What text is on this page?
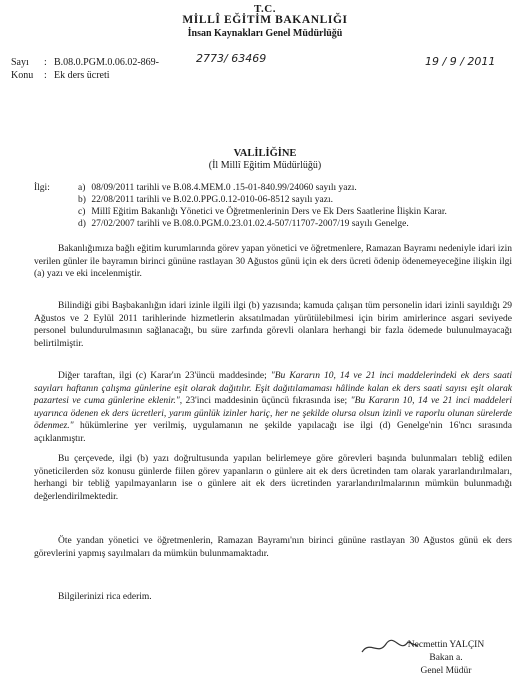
T.C.
MİLLÎ EĞİTİM BAKANLIĞI
İnsan Kaynakları Genel Müdürlüğü
Sayı : B.08.0.PGM.0.06.02-869-	2773/ 63469	19 / 9 / 2011
Konu : Ek ders ücreti
VALİLİĞİNE
(İl Millî Eğitim Müdürlüğü)
İlgi:	a) 08/09/2011 tarihli ve B.08.4.MEM.0 .15-01-840.99/24060 sayılı yazı.
b) 22/08/2011 tarihli ve B.02.0.PPG.0.12-010-06-8512 sayılı yazı.
c) Millî Eğitim Bakanlığı Yönetici ve Öğretmenlerinin Ders ve Ek Ders Saatlerine İlişkin Karar.
d) 27/02/2007 tarihli ve B.08.0.PGM.0.23.01.02.4-507/11707-2007/19 sayılı Genelge.

Bakanlığımıza bağlı eğitim kurumlarında görev yapan yönetici ve öğretmenlere, Ramazan Bayramı nedeniyle idari izin verilen günler ile bayramın birinci gününe rastlayan 30 Ağustos günü için ek ders ücreti ödenip ödenemeyeceğine ilişkin ilgi (a) yazı ve eki incelenmiştir.

Bilindiği gibi Başbakanlığın idari izinle ilgili ilgi (b) yazısında; kamuda çalışan tüm personelin idari izinli sayıldığı 29 Ağustos ve 2 Eylül 2011 tarihlerinde hizmetlerin aksatılmadan yürütülebilmesi için birim amirlerince asgari seviyede personel bulundurulmasının sağlanacağı, bu süre zarfında görevli olanlara herhangi bir fazla ödemede bulunulmayacağı belirtilmiştir.

Diğer taraftan, ilgi (c) Karar'ın 23'üncü maddesinde; "Bu Kararın 10, 14 ve 21 inci maddelerindeki ek ders saati sayıları haftanın çalışma günlerine eşit olarak dağıtılır. Eşit dağıtılamaması hâlinde kalan ek ders saati sayısı eşit olarak pazartesi ve cuma günlerine eklenir.", 23'inci maddesinin üçüncü fıkrasında ise; "Bu Kararın 10, 14 ve 21 inci maddeleri uyarınca ödenen ek ders ücretleri, yarım günlük izinler hariç, her ne şekilde olursa olsun izinli ve raporlu olunan sürelerde ödenmez." hükümlerine yer verilmiş, uygulamanın ne şekilde yapılacağı ise ilgi (d) Genelge'nin 16'ncı sırasında açıklanmıştır.

Bu çerçevede, ilgi (b) yazı doğrultusunda yapılan belirlemeye göre görevleri başında bulunmaları tebliğ edilen yöneticilerden söz konusu günlerde fiilen görev yapanların o günlere ait ek ders ücretinden tam olarak yararlandırılmaları, herhangi bir tebliğ yapılmayanların ise o günlere ait ek ders ücretinden yararlandırılmalarının mümkün bulunmadığı değerlendirilmektedir.

Öte yandan yönetici ve öğretmenlerin, Ramazan Bayramı'nın birinci gününe rastlayan 30 Ağustos günü ek ders görevlerini yapmış sayılmaları da mümkün bulunmamaktadır.

Bilgilerinizi rica ederim.
Necmettin YALÇIN
Bakan a.
Genel Müdür
